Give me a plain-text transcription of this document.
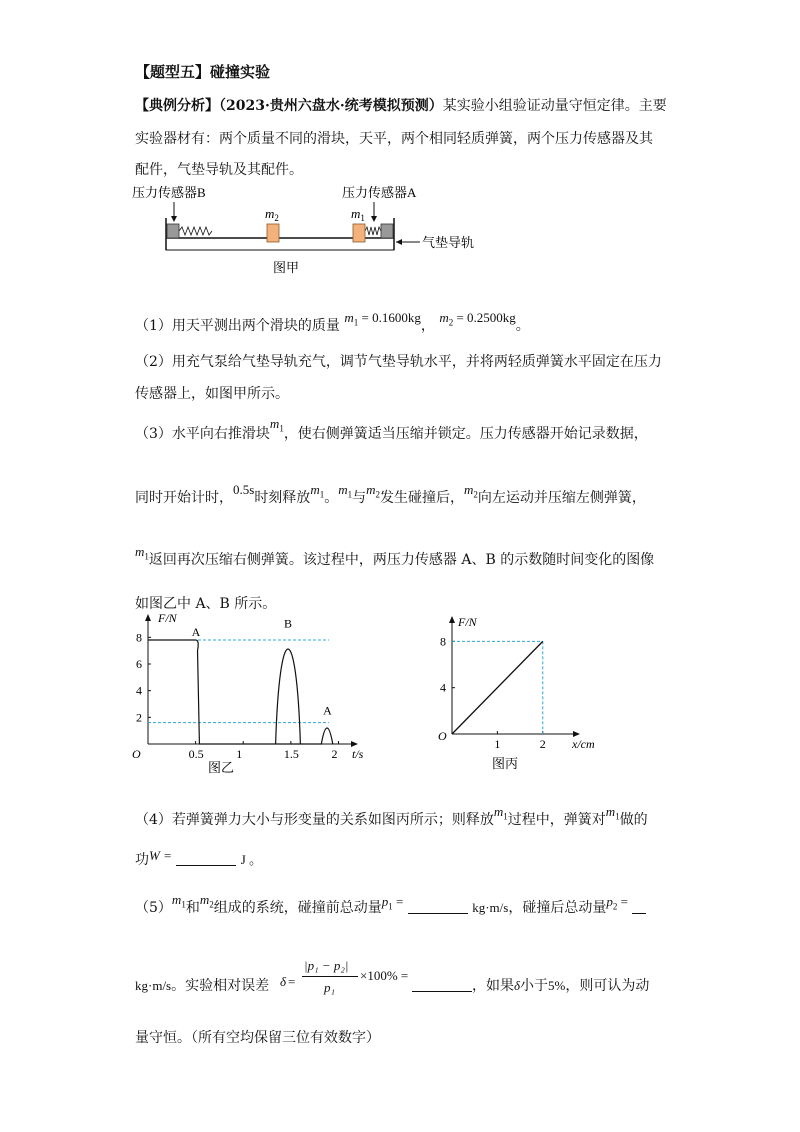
【题型五】碰撞实验
【典例分析】（2023·贵州六盘水·统考模拟预测）某实验小组验证动量守恒定律。主要
实验器材有：两个质量不同的滑块，天平，两个相同轻质弹簧，两个压力传感器及其
配件，气垫导轨及其配件。
压力传感器B	压力传感器A
$m_2$	$m_1$
气垫导轨
图甲
（1）用天平测出两个滑块的质量 $m_1 = 0.1600kg$， $m_2 = 0.2500kg$。
（2）用充气泵给气垫导轨充气，调节气垫导轨水平，并将两轻质弹簧水平固定在压力
传感器上，如图甲所示。
（3）水平向右推滑块$m_1$，使右侧弹簧适当压缩并锁定。压力传感器开始记录数据，
同时开始计时，0.5s时刻释放$m_1$。$m_1$与$m_2$发生碰撞后，$m_2$向左运动并压缩左侧弹簧，
$m_1$返回再次压缩右侧弹簧。该过程中，两压力传感器 A、B 的示数随时间变化的图像
如图乙中 A、B 所示。
F/N
t/s
O
2
4
6
8
0.5	1	1.5	2
A
B
A
图乙
F/N
x/cm
O
4
8
1	2
图丙
（4）若弹簧弹力大小与形变量的关系如图丙所示；则释放$m_1$过程中，弹簧对$m_1$做的
功W =	J 。
$(5)m_1$和$m_2$组成的系统，碰撞前总动量$p_1$ =	kg·m/s，碰撞后总动量$p_2$ =
kg·m/s。实验相对误差 δ =
|p₁ − p₂|
p₁
×100% =
，如果δ小于5%，则可认为动
量守恒。（所有空均保留三位有效数字）
